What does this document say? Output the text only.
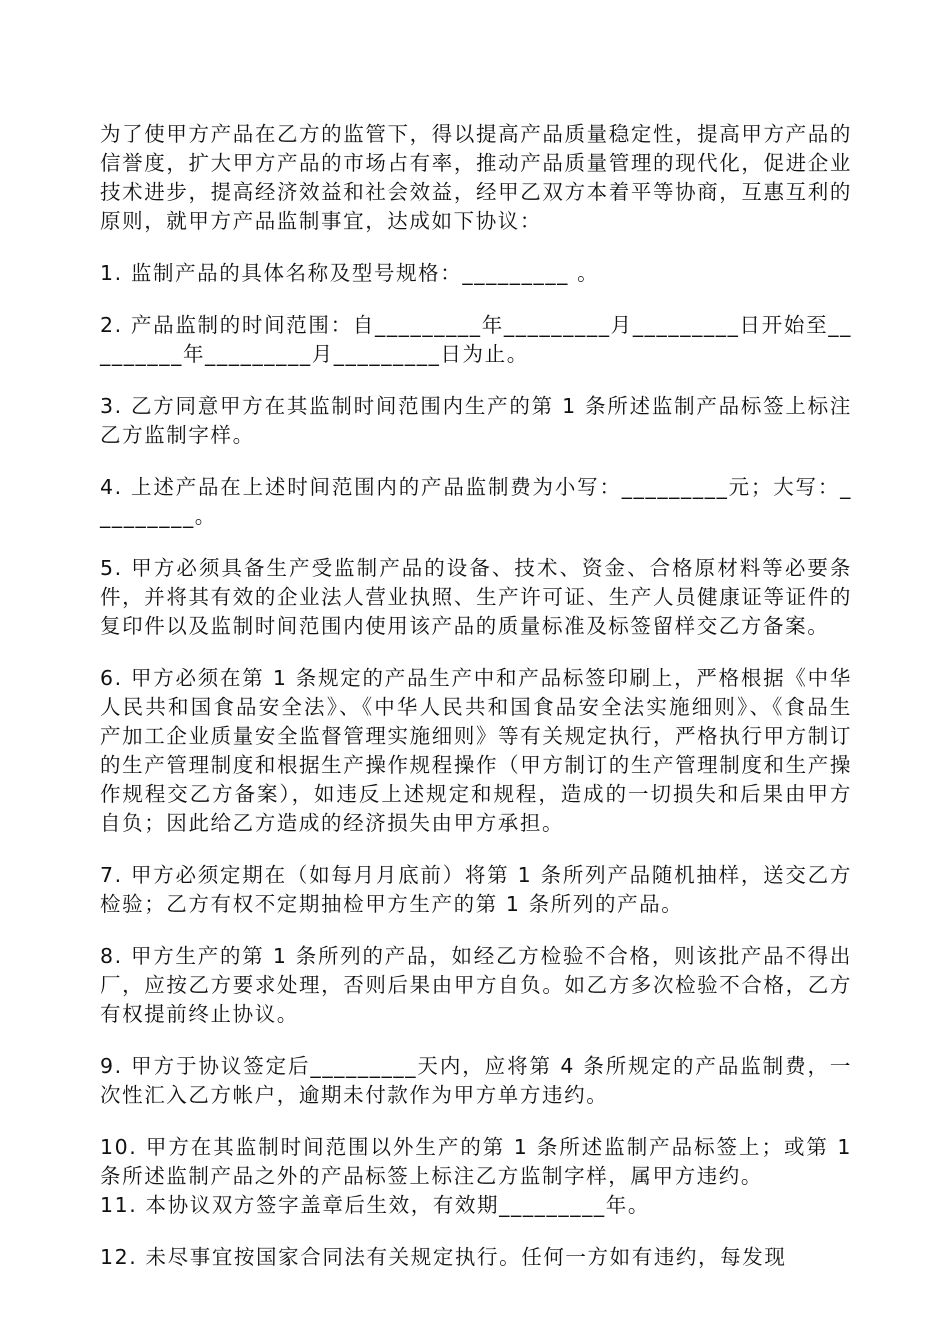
为了使甲方产品在乙方的监管下，得以提高产品质量稳定性，提高甲方产品的信誉度，扩大甲方产品的市场占有率，推动产品质量管理的现代化，促进企业技术进步，提高经济效益和社会效益，经甲乙双方本着平等协商，互惠互利的原则，就甲方产品监制事宜，达成如下协议：

1. 监制产品的具体名称及型号规格：_________ 。

2. 产品监制的时间范围：自_________年_________月_________日开始至_________年_________月_________日为止。

3. 乙方同意甲方在其监制时间范围内生产的第 1 条所述监制产品标签上标注乙方监制字样。

4. 上述产品在上述时间范围内的产品监制费为小写：_________元；大写：_________。

5. 甲方必须具备生产受监制产品的设备、技术、资金、合格原材料等必要条件，并将其有效的企业法人营业执照、生产许可证、生产人员健康证等证件的复印件以及监制时间范围内使用该产品的质量标准及标签留样交乙方备案。

6. 甲方必须在第 1 条规定的产品生产中和产品标签印刷上，严格根据《中华人民共和国食品安全法》、《中华人民共和国食品安全法实施细则》、《食品生产加工企业质量安全监督管理实施细则》等有关规定执行，严格执行甲方制订的生产管理制度和根据生产操作规程操作（甲方制订的生产管理制度和生产操作规程交乙方备案），如违反上述规定和规程，造成的一切损失和后果由甲方自负；因此给乙方造成的经济损失由甲方承担。

7. 甲方必须定期在（如每月月底前）将第 1 条所列产品随机抽样，送交乙方检验；乙方有权不定期抽检甲方生产的第 1 条所列的产品。

8. 甲方生产的第 1 条所列的产品，如经乙方检验不合格，则该批产品不得出厂，应按乙方要求处理，否则后果由甲方自负。如乙方多次检验不合格，乙方有权提前终止协议。

9. 甲方于协议签定后_________天内，应将第 4 条所规定的产品监制费，一次性汇入乙方帐户，逾期未付款作为甲方单方违约。

10. 甲方在其监制时间范围以外生产的第 1 条所述监制产品标签上；或第 1 条所述监制产品之外的产品标签上标注乙方监制字样，属甲方违约。

11. 本协议双方签字盖章后生效，有效期_________年。

12. 未尽事宜按国家合同法有关规定执行。任何一方如有违约，每发现
